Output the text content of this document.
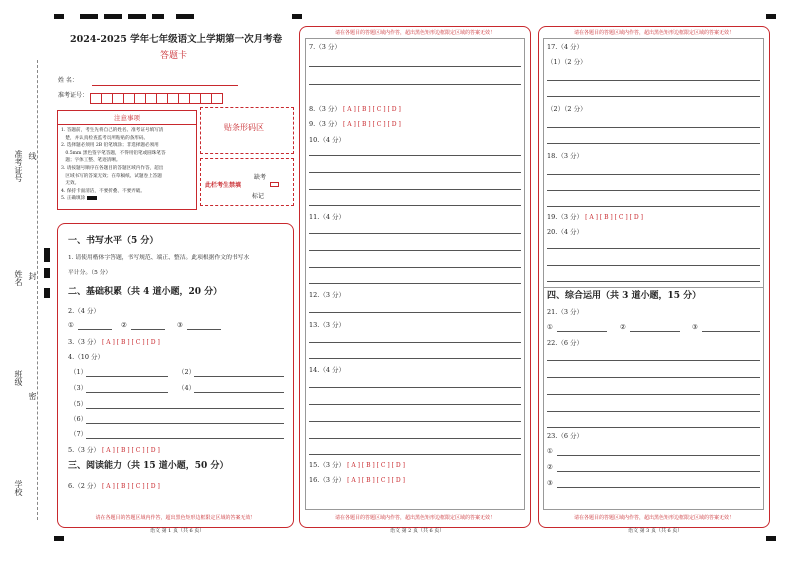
准考证号 线
姓名 封
班级
密
学校
2024-2025 学年七年级语文上学期第一次月考卷
答题卡
姓 名：
准考证号：
注意事项
1. 答题前，考生先将自己的姓名、准考证号填写清
楚，并认真检查监考员所粘贴的条形码。
2. 选择题必须用 2B 铅笔填涂；非选择题必须用
0.5mm 黑色签字笔答题，不得用铅笔或圆珠笔答
题；字体工整、笔迹清晰。
3. 请按题号顺序在各题目的答题区域内作答，超出
区域书写的答案无效；在草稿纸、试题卷上答题
无效。
4. 保持卡面清洁，不要折叠、不要弄破。
5. 正确填涂
贴条形码区
此栏考生禁填
缺考
标记
请在各题目的答题区域内作答，超出黑色矩形边框限定区域的答案无效！
语文 第 1 页（共 6 页）
一、书写水平（5 分）
1. 请使用楷体字答题，书写规范、端正、整洁。此项根据作文的书写水
平计分。（5 分）
二、基础积累（共 4 道小题，20 分）
2.（4 分）
①	②	③
3.（3 分） [ A ] [ B ] [ C ] [ D ]
4.（10 分）
（1）	（2）
（3）	（4）
（5）
（6）
（7）
5.（3 分） [ A ] [ B ] [ C ] [ D ]
三、阅读能力（共 15 道小题，50 分）
6.（2 分） [ A ] [ B ] [ C ] [ D ]
请在各题目的答题区域内作答，超出黑色矩形边框限定区域的答案无效！
请在各题目的答题区域内作答，超出黑色矩形边框限定区域的答案无效！
语文 第 2 页（共 6 页）
7.（3 分）
8.（3 分） [ A ] [ B ] [ C ] [ D ]
9.（3 分） [ A ] [ B ] [ C ] [ D ]
10.（4 分）
11.（4 分）
12.（3 分）
13.（3 分）
14.（4 分）
15.（3 分） [ A ] [ B ] [ C ] [ D ]
16.（3 分） [ A ] [ B ] [ C ] [ D ]
请在各题目的答题区域内作答，超出黑色矩形边框限定区域的答案无效！
请在各题目的答题区域内作答，超出黑色矩形边框限定区域的答案无效！
语文 第 3 页（共 6 页）
17.（4 分）
（1）（2 分）
（2）（2 分）
18.（3 分）
19.（3 分） [ A ] [ B ] [ C ] [ D ]
20.（4 分）
四、综合运用（共 3 道小题，15 分）
21.（3 分）
①	②	③
22.（6 分）
23.（6 分）
①
②
③
